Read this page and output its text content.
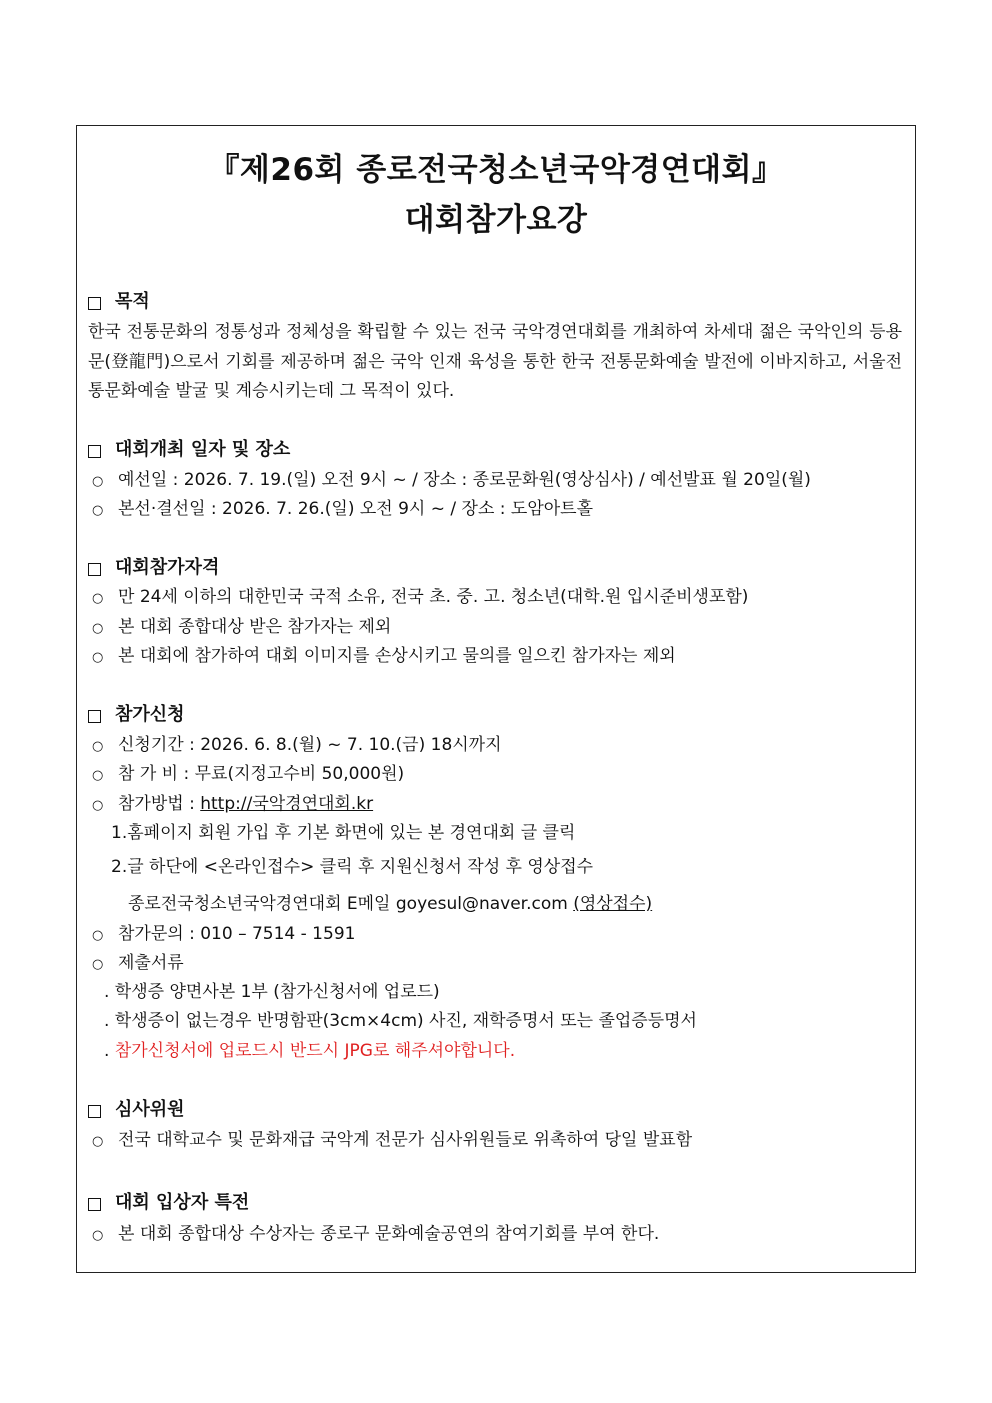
『제26회 종로전국청소년국악경연대회』
대회참가요강
목적
한국 전통문화의 정통성과 정체성을 확립할 수 있는 전국 국악경연대회를 개최하여 차세대 젊은 국악인의 등용문(登龍門)으로서 기회를 제공하며 젊은 국악 인재 육성을 통한 한국 전통문화예술 발전에 이바지하고, 서울전통문화예술 발굴 및 계승시키는데 그 목적이 있다.
대회개최 일자 및 장소
○ 예선일 : 2026. 7. 19.(일) 오전 9시 ~ / 장소 : 종로문화원(영상심사) / 예선발표 월 20일(월)
○ 본선·결선일 : 2026. 7. 26.(일) 오전 9시 ~ / 장소 : 도암아트홀
대회참가자격
○ 만 24세 이하의 대한민국 국적 소유, 전국 초. 중. 고. 청소년(대학.원 입시준비생포함)
○ 본 대회 종합대상 받은 참가자는 제외
○ 본 대회에 참가하여 대회 이미지를 손상시키고 물의를 일으킨 참가자는 제외
참가신청
○ 신청기간 : 2026. 6. 8.(월) ~ 7. 10.(금) 18시까지
○ 참 가 비 : 무료(지정고수비 50,000원)
○ 참가방법 : http://국악경연대회.kr
1.홈페이지 회원 가입 후 기본 화면에 있는 본 경연대회 글 클릭
2.글 하단에 <온라인접수> 클릭 후 지원신청서 작성 후 영상접수
종로전국청소년국악경연대회 E메일 goyesul@naver.com (영상접수)
○ 참가문의 : 010 – 7514 - 1591
○ 제출서류
. 학생증 양면사본 1부 (참가신청서에 업로드)
. 학생증이 없는경우 반명함판(3cm×4cm) 사진, 재학증명서 또는 졸업증등명서
. 참가신청서에 업로드시 반드시 JPG로 해주셔야합니다.
심사위원
○ 전국 대학교수 및 문화재급 국악계 전문가 심사위원들로 위촉하여 당일 발표함
대회 입상자 특전
○ 본 대회 종합대상 수상자는 종로구 문화예술공연의 참여기회를 부여 한다.
